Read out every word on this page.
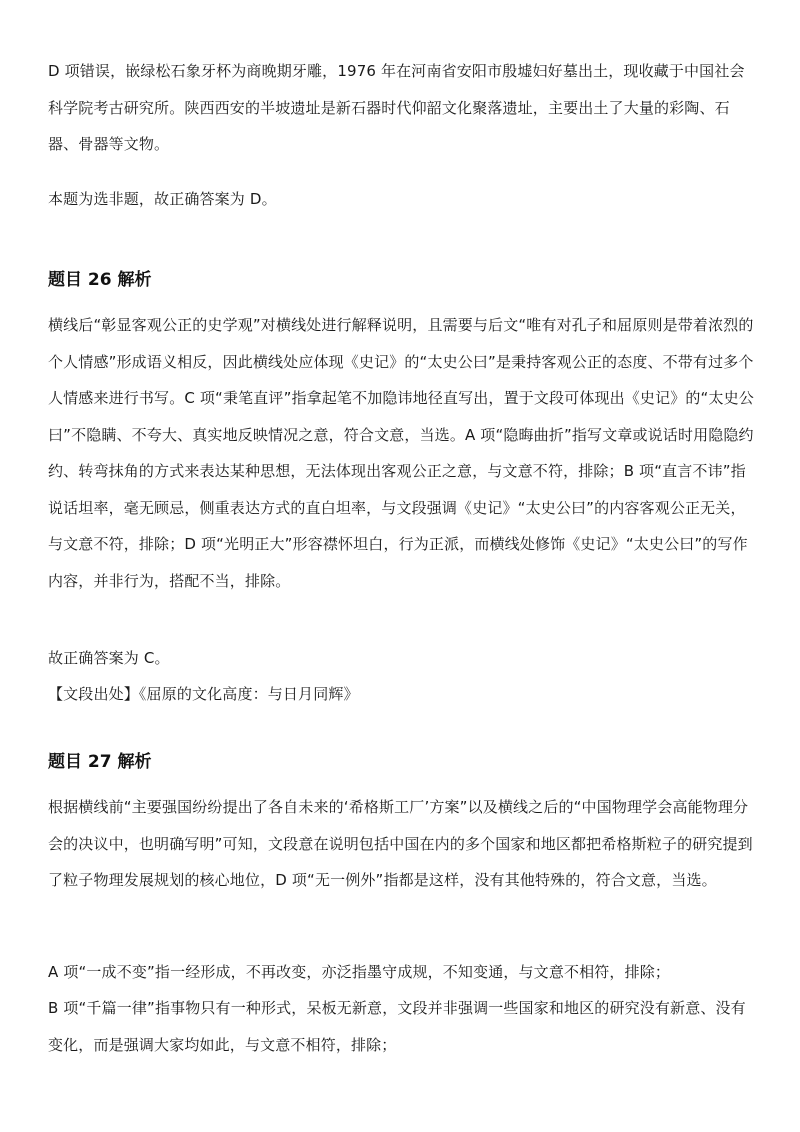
D 项错误，嵌绿松石象牙杯为商晚期牙雕，1976 年在河南省安阳市殷墟妇好墓出土，现收藏于中国社会科学院考古研究所。陕西西安的半坡遗址是新石器时代仰韶文化聚落遗址，主要出土了大量的彩陶、石器、骨器等文物。

本题为选非题，故正确答案为 D。

题目 26 解析

横线后“彰显客观公正的史学观”对横线处进行解释说明，且需要与后文“唯有对孔子和屈原则是带着浓烈的个人情感”形成语义相反，因此横线处应体现《史记》的“太史公曰”是秉持客观公正的态度、不带有过多个人情感来进行书写。C 项“秉笔直评”指拿起笔不加隐讳地径直写出，置于文段可体现出《史记》的“太史公曰”不隐瞒、不夸大、真实地反映情况之意，符合文意，当选。A 项“隐晦曲折”指写文章或说话时用隐隐约约、转弯抹角的方式来表达某种思想，无法体现出客观公正之意，与文意不符，排除；B 项“直言不讳”指说话坦率，毫无顾忌，侧重表达方式的直白坦率，与文段强调《史记》“太史公曰”的内容客观公正无关，与文意不符，排除；D 项“光明正大”形容襟怀坦白，行为正派，而横线处修饰《史记》“太史公曰”的写作内容，并非行为，搭配不当，排除。

故正确答案为 C。

【文段出处】《屈原的文化高度：与日月同辉》

题目 27 解析

根据横线前“主要强国纷纷提出了各自未来的‘希格斯工厂’方案”以及横线之后的“中国物理学会高能物理分会的决议中，也明确写明”可知，文段意在说明包括中国在内的多个国家和地区都把希格斯粒子的研究提到了粒子物理发展规划的核心地位，D 项“无一例外”指都是这样，没有其他特殊的，符合文意，当选。

A 项“一成不变”指一经形成，不再改变，亦泛指墨守成规，不知变通，与文意不相符，排除；

B 项“千篇一律”指事物只有一种形式，呆板无新意，文段并非强调一些国家和地区的研究没有新意、没有变化，而是强调大家均如此，与文意不相符，排除；
